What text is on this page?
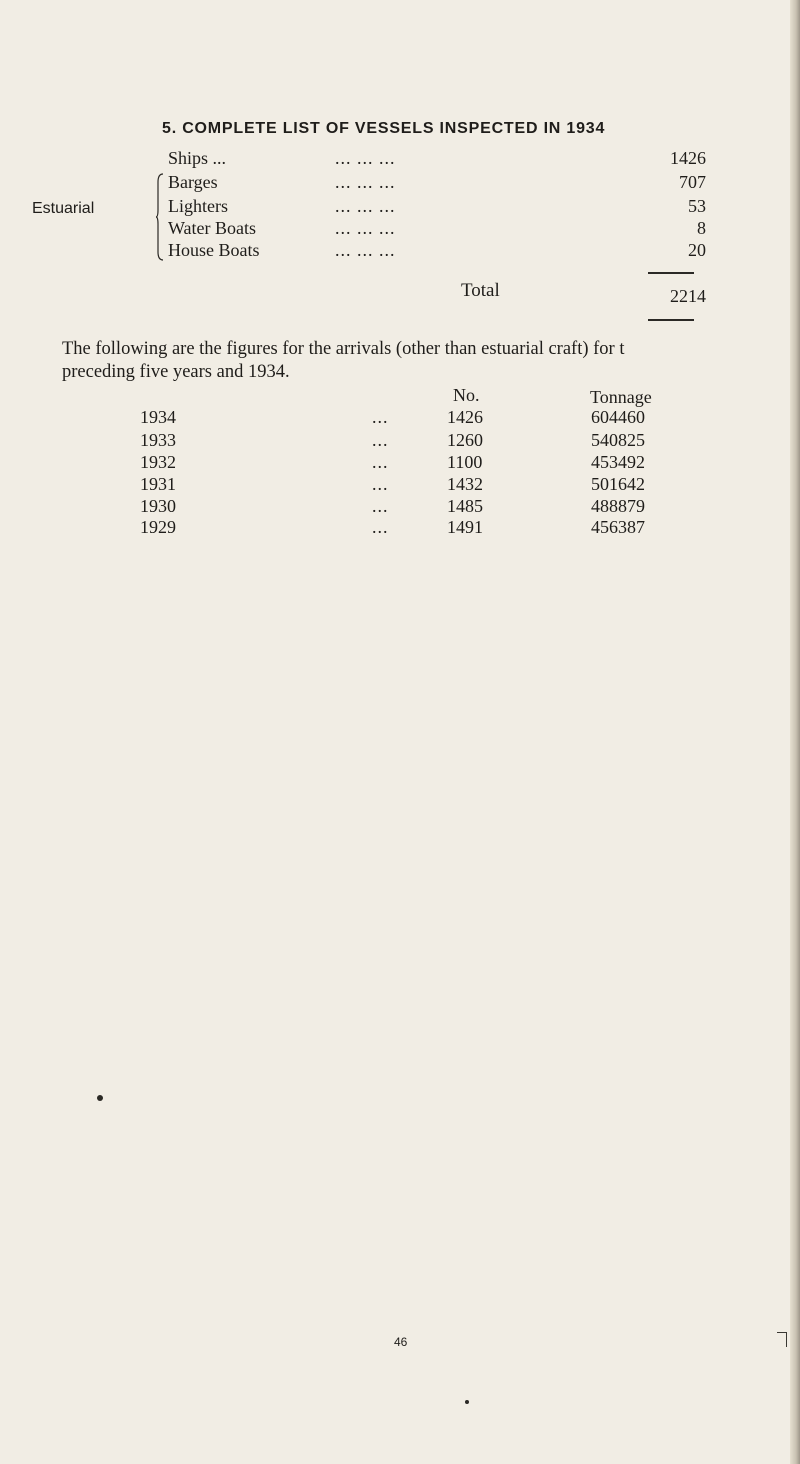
5. COMPLETE LIST OF VESSELS INSPECTED IN 1934
Estuarial
Ships ...	... ... ...	1426
Barges	... ... ...	707
Lighters	... ... ...	53
Water Boats	... ... ...	8
House Boats	... ... ...	20
Total	2214
The following are the figures for the arrivals (other than estuarial craft) for t
preceding five years and 1934.
No.	Tonnage
1934	...	1426	604460
1933	...	1260	540825
1932	...	1100	453492
1931	...	1432	501642
1930	...	1485	488879
1929	...	1491	456387
46
